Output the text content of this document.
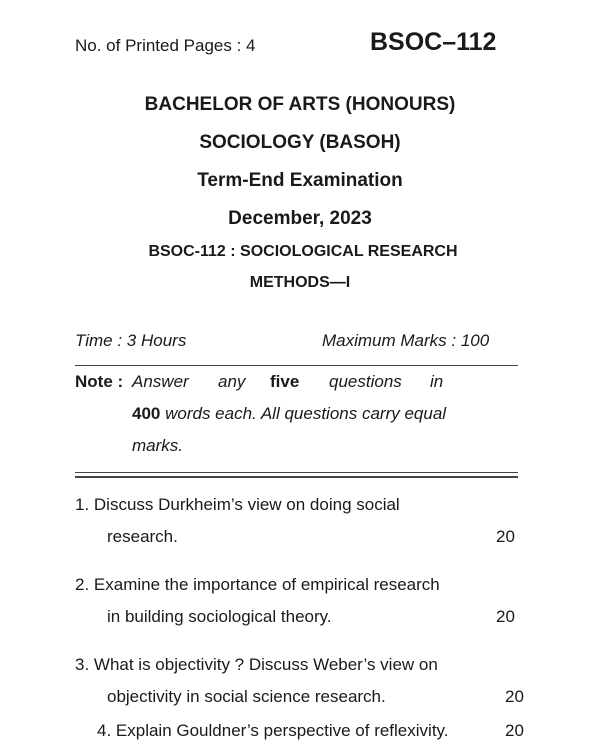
No. of Printed Pages : 4	BSOC–112
BACHELOR OF ARTS (HONOURS)
SOCIOLOGY (BASOH)
Term-End Examination
December, 2023
BSOC-112 : SOCIOLOGICAL RESEARCH
METHODS—I
Time : 3 Hours	Maximum Marks : 100
Note : Answer any five questions in
400 words each. All questions carry equal
marks.
1. Discuss Durkheim’s view on doing social
research.	20
2. Examine the importance of empirical research
in building sociological theory.	20
3. What is objectivity ? Discuss Weber’s view on
objectivity in social science research.	20
4. Explain Gouldner’s perspective of reflexivity.	20
